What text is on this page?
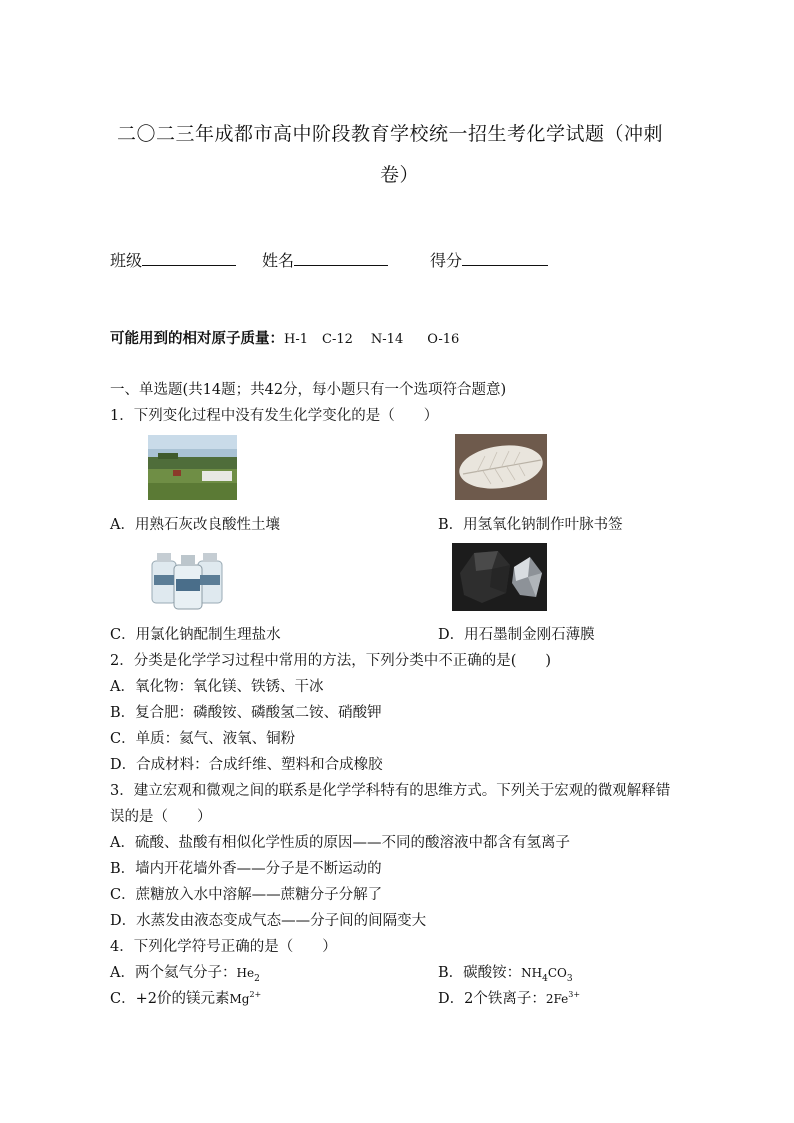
二〇二三年成都市高中阶段教育学校统一招生考化学试题（冲刺
卷）
班级	姓名	得分
可能用到的相对原子质量：H-1 C-12 N-14 O-16
一、单选题(共14题；共42分，每小题只有一个选项符合题意)
1．下列变化过程中没有发生化学变化的是（　　）
A．用熟石灰改良酸性土壤	B．用氢氧化钠制作叶脉书签
C．用氯化钠配制生理盐水	D．用石墨制金刚石薄膜
2．分类是化学学习过程中常用的方法，下列分类中不正确的是(　　)
A．氧化物：氧化镁、铁锈、干冰
B．复合肥：磷酸铵、磷酸氢二铵、硝酸钾
C．单质：氦气、液氧、铜粉
D．合成材料：合成纤维、塑料和合成橡胶
3．建立宏观和微观之间的联系是化学学科特有的思维方式。下列关于宏观的微观解释错
误的是（　　）
A．硫酸、盐酸有相似化学性质的原因——不同的酸溶液中都含有氢离子
B．墙内开花墙外香——分子是不断运动的
C．蔗糖放入水中溶解——蔗糖分子分解了
D．水蒸发由液态变成气态——分子间的间隔变大
4．下列化学符号正确的是（　　）
A．两个氦气分子：$He_2$	B．碳酸铵：$NH_4CO_3$
C．+2价的镁元素$Mg^{2+}$	D．2个铁离子：$2Fe^{3+}$
